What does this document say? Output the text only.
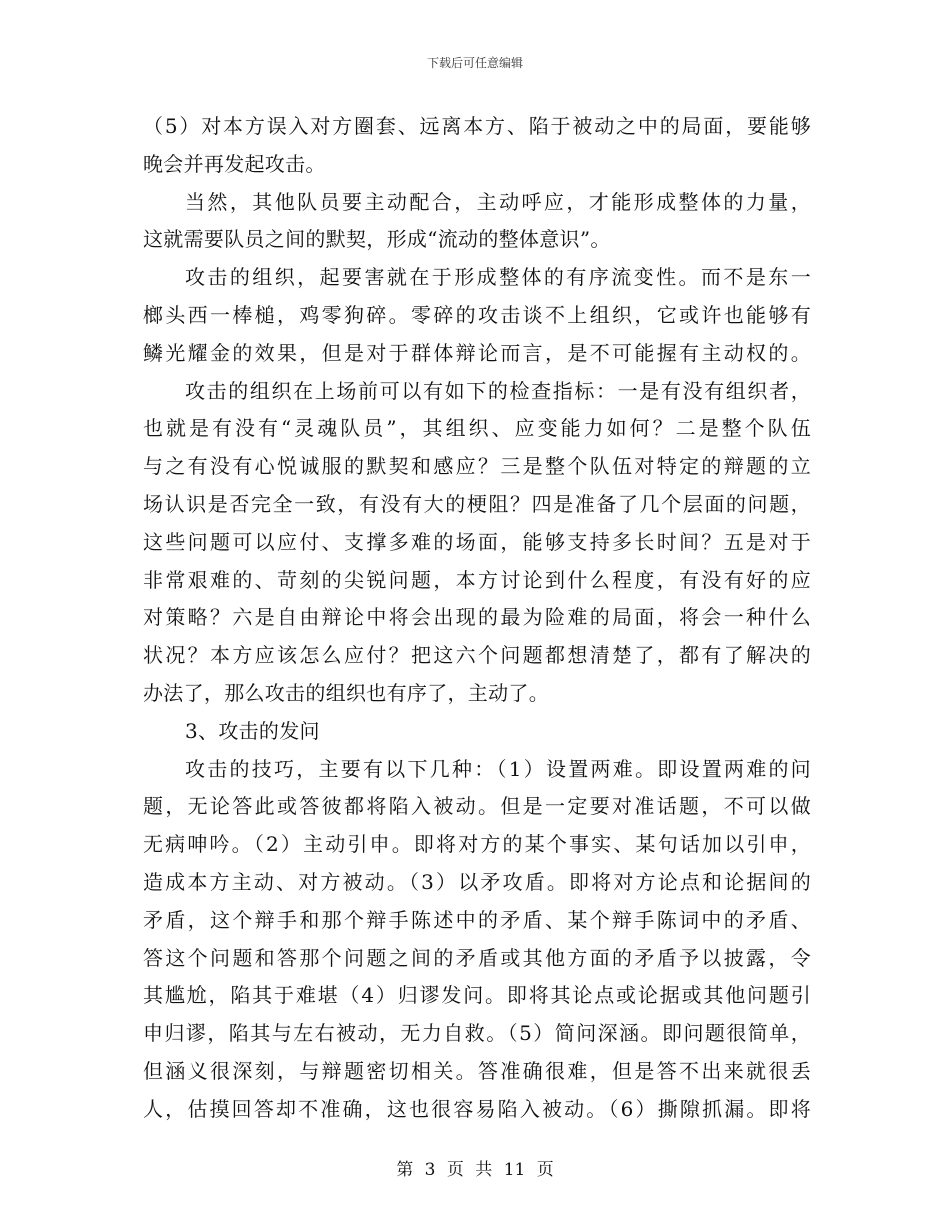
下载后可任意编辑
（5）对本方误入对方圈套、远离本方、陷于被动之中的局面，要能够
晚会并再发起攻击。
当然，其他队员要主动配合，主动呼应，才能形成整体的力量，
这就需要队员之间的默契，形成“流动的整体意识”。
攻击的组织，起要害就在于形成整体的有序流变性。而不是东一
榔头西一棒槌，鸡零狗碎。零碎的攻击谈不上组织，它或许也能够有
鳞光耀金的效果，但是对于群体辩论而言，是不可能握有主动权的。
攻击的组织在上场前可以有如下的检查指标：一是有没有组织者，
也就是有没有“灵魂队员”，其组织、应变能力如何？二是整个队伍
与之有没有心悦诚服的默契和感应？三是整个队伍对特定的辩题的立
场认识是否完全一致，有没有大的梗阻？四是准备了几个层面的问题，
这些问题可以应付、支撑多难的场面，能够支持多长时间？五是对于
非常艰难的、苛刻的尖锐问题，本方讨论到什么程度，有没有好的应
对策略？六是自由辩论中将会出现的最为险难的局面，将会一种什么
状况？本方应该怎么应付？把这六个问题都想清楚了，都有了解决的
办法了，那么攻击的组织也有序了，主动了。
3、攻击的发问
攻击的技巧，主要有以下几种：（1）设置两难。即设置两难的问
题，无论答此或答彼都将陷入被动。但是一定要对准话题，不可以做
无病呻吟。（2）主动引申。即将对方的某个事实、某句话加以引申，
造成本方主动、对方被动。（3）以矛攻盾。即将对方论点和论据间的
矛盾，这个辩手和那个辩手陈述中的矛盾、某个辩手陈词中的矛盾、
答这个问题和答那个问题之间的矛盾或其他方面的矛盾予以披露，令
其尴尬，陷其于难堪（4）归谬发问。即将其论点或论据或其他问题引
申归谬，陷其与左右被动，无力自救。（5）简问深涵。即问题很简单，
但涵义很深刻，与辩题密切相关。答准确很难，但是答不出来就很丢
人，估摸回答却不准确，这也很容易陷入被动。（6）撕隙抓漏。即将
第 3 页 共 11 页
